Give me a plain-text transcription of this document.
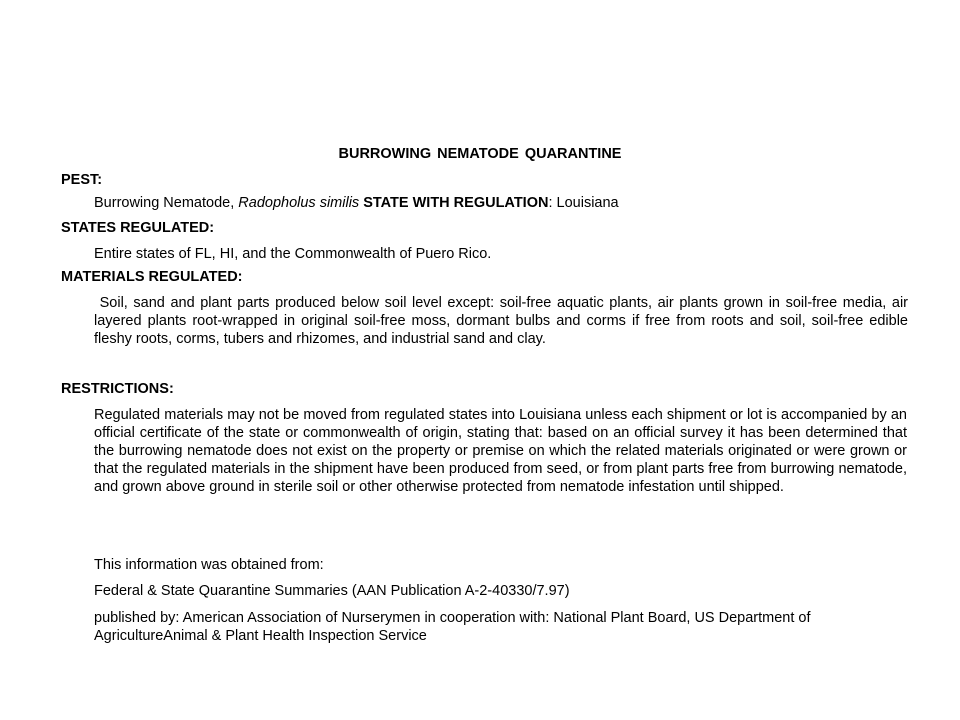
BURROWING NEMATODE QUARANTINE
PEST:
Burrowing Nematode, Radopholus similis STATE WITH REGULATION: Louisiana
STATES REGULATED:
Entire states of FL, HI, and the Commonwealth of Puero Rico.
MATERIALS REGULATED:
Soil, sand and plant parts produced below soil level except: soil-free aquatic plants, air plants grown in soil-free media, air layered plants root-wrapped in original soil-free moss, dormant bulbs and corms if free from roots and soil, soil-free edible fleshy roots, corms, tubers and rhizomes, and industrial sand and clay.
RESTRICTIONS:
Regulated materials may not be moved from regulated states into Louisiana unless each shipment or lot is accompanied by an official certificate of the state or commonwealth of origin, stating that: based on an official survey it has been determined that the burrowing nematode does not exist on the property or premise on which the related materials originated or were grown or that the regulated materials in the shipment have been produced from seed, or from plant parts free from burrowing nematode, and grown above ground in sterile soil or other otherwise protected from nematode infestation until shipped.
This information was obtained from:
Federal & State Quarantine Summaries (AAN Publication A-2-40330/7.97)
published by: American Association of Nurserymen in cooperation with: National Plant Board, US Department of AgricultureAnimal & Plant Health Inspection Service
